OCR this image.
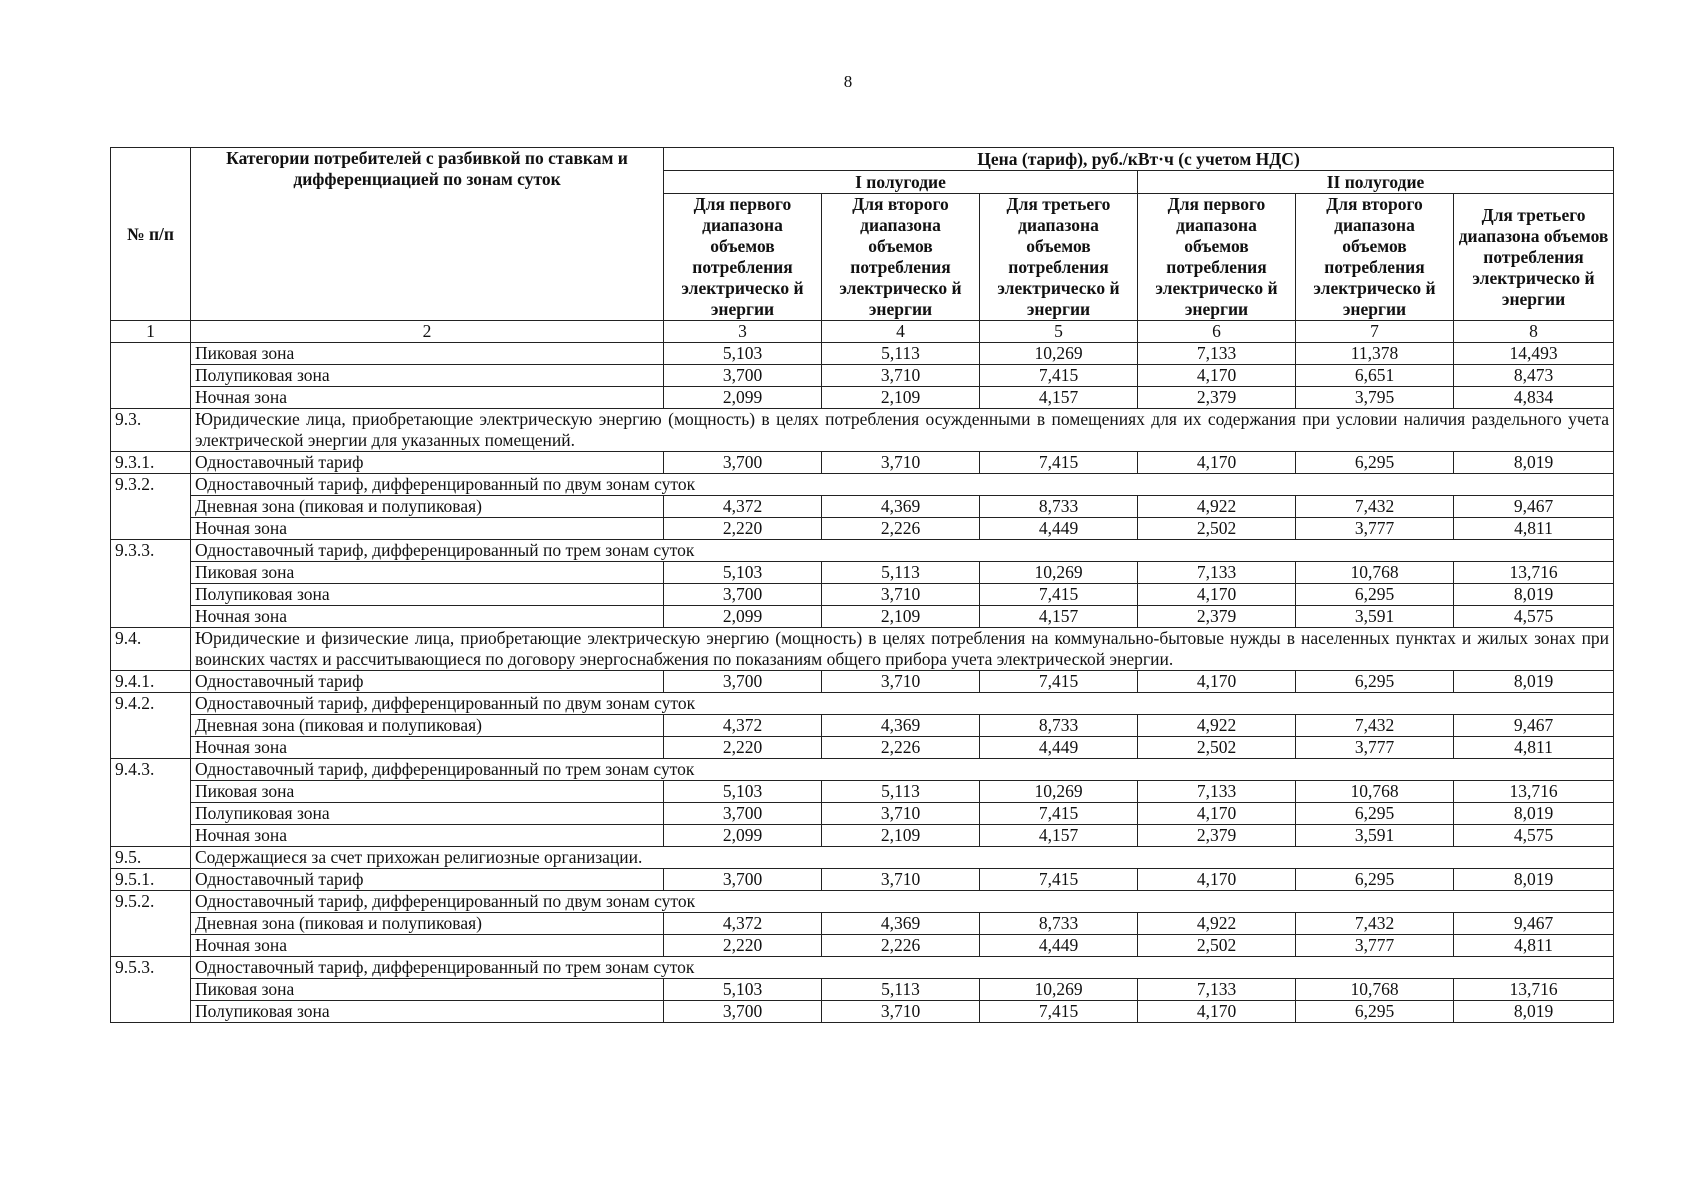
8
№ п/п	Категории потребителей с разбивкой по ставкам и дифференциацией по зонам суток	Цена (тариф), руб./кВт·ч (с учетом НДС)					
		I полугодие			II полугодие		
		Для первого диапазона объемов потребления электрическо й энергии	Для второго диапазона объемов потребления электрическо й энергии	Для третьего диапазона объемов потребления электрическо й энергии	Для первого диапазона объемов потребления электрическо й энергии	Для второго диапазона объемов потребления электрическо й энергии	Для третьего диапазона объемов потребления электрическо й энергии
1	2	3	4	5	6	7	8
	Пиковая зона	5,103	5,113	10,269	7,133	11,378	14,493
	Полупиковая зона	3,700	3,710	7,415	4,170	6,651	8,473
	Ночная зона	2,099	2,109	4,157	2,379	3,795	4,834
9.3.	Юридические лица, приобретающие электрическую энергию (мощность) в целях потребления осужденными в помещениях для их содержания при условии наличия раздельного учета электрической энергии для указанных помещений.						
9.3.1.	Одноставочный тариф	3,700	3,710	7,415	4,170	6,295	8,019
9.3.2.	Одноставочный тариф, дифференцированный по двум зонам суток						
	Дневная зона (пиковая и полупиковая)	4,372	4,369	8,733	4,922	7,432	9,467
	Ночная зона	2,220	2,226	4,449	2,502	3,777	4,811
9.3.3.	Одноставочный тариф, дифференцированный по трем зонам суток						
	Пиковая зона	5,103	5,113	10,269	7,133	10,768	13,716
	Полупиковая зона	3,700	3,710	7,415	4,170	6,295	8,019
	Ночная зона	2,099	2,109	4,157	2,379	3,591	4,575
9.4.	Юридические и физические лица, приобретающие электрическую энергию (мощность) в целях потребления на коммунально-бытовые нужды в населенных пунктах и жилых зонах при воинских частях и рассчитывающиеся по договору энергоснабжения по показаниям общего прибора учета электрической энергии.						
9.4.1.	Одноставочный тариф	3,700	3,710	7,415	4,170	6,295	8,019
9.4.2.	Одноставочный тариф, дифференцированный по двум зонам суток						
	Дневная зона (пиковая и полупиковая)	4,372	4,369	8,733	4,922	7,432	9,467
	Ночная зона	2,220	2,226	4,449	2,502	3,777	4,811
9.4.3.	Одноставочный тариф, дифференцированный по трем зонам суток						
	Пиковая зона	5,103	5,113	10,269	7,133	10,768	13,716
	Полупиковая зона	3,700	3,710	7,415	4,170	6,295	8,019
	Ночная зона	2,099	2,109	4,157	2,379	3,591	4,575
9.5.	Содержащиеся за счет прихожан религиозные организации.						
9.5.1.	Одноставочный тариф	3,700	3,710	7,415	4,170	6,295	8,019
9.5.2.	Одноставочный тариф, дифференцированный по двум зонам суток						
	Дневная зона (пиковая и полупиковая)	4,372	4,369	8,733	4,922	7,432	9,467
	Ночная зона	2,220	2,226	4,449	2,502	3,777	4,811
9.5.3.	Одноставочный тариф, дифференцированный по трем зонам суток						
	Пиковая зона	5,103	5,113	10,269	7,133	10,768	13,716
	Полупиковая зона	3,700	3,710	7,415	4,170	6,295	8,019
